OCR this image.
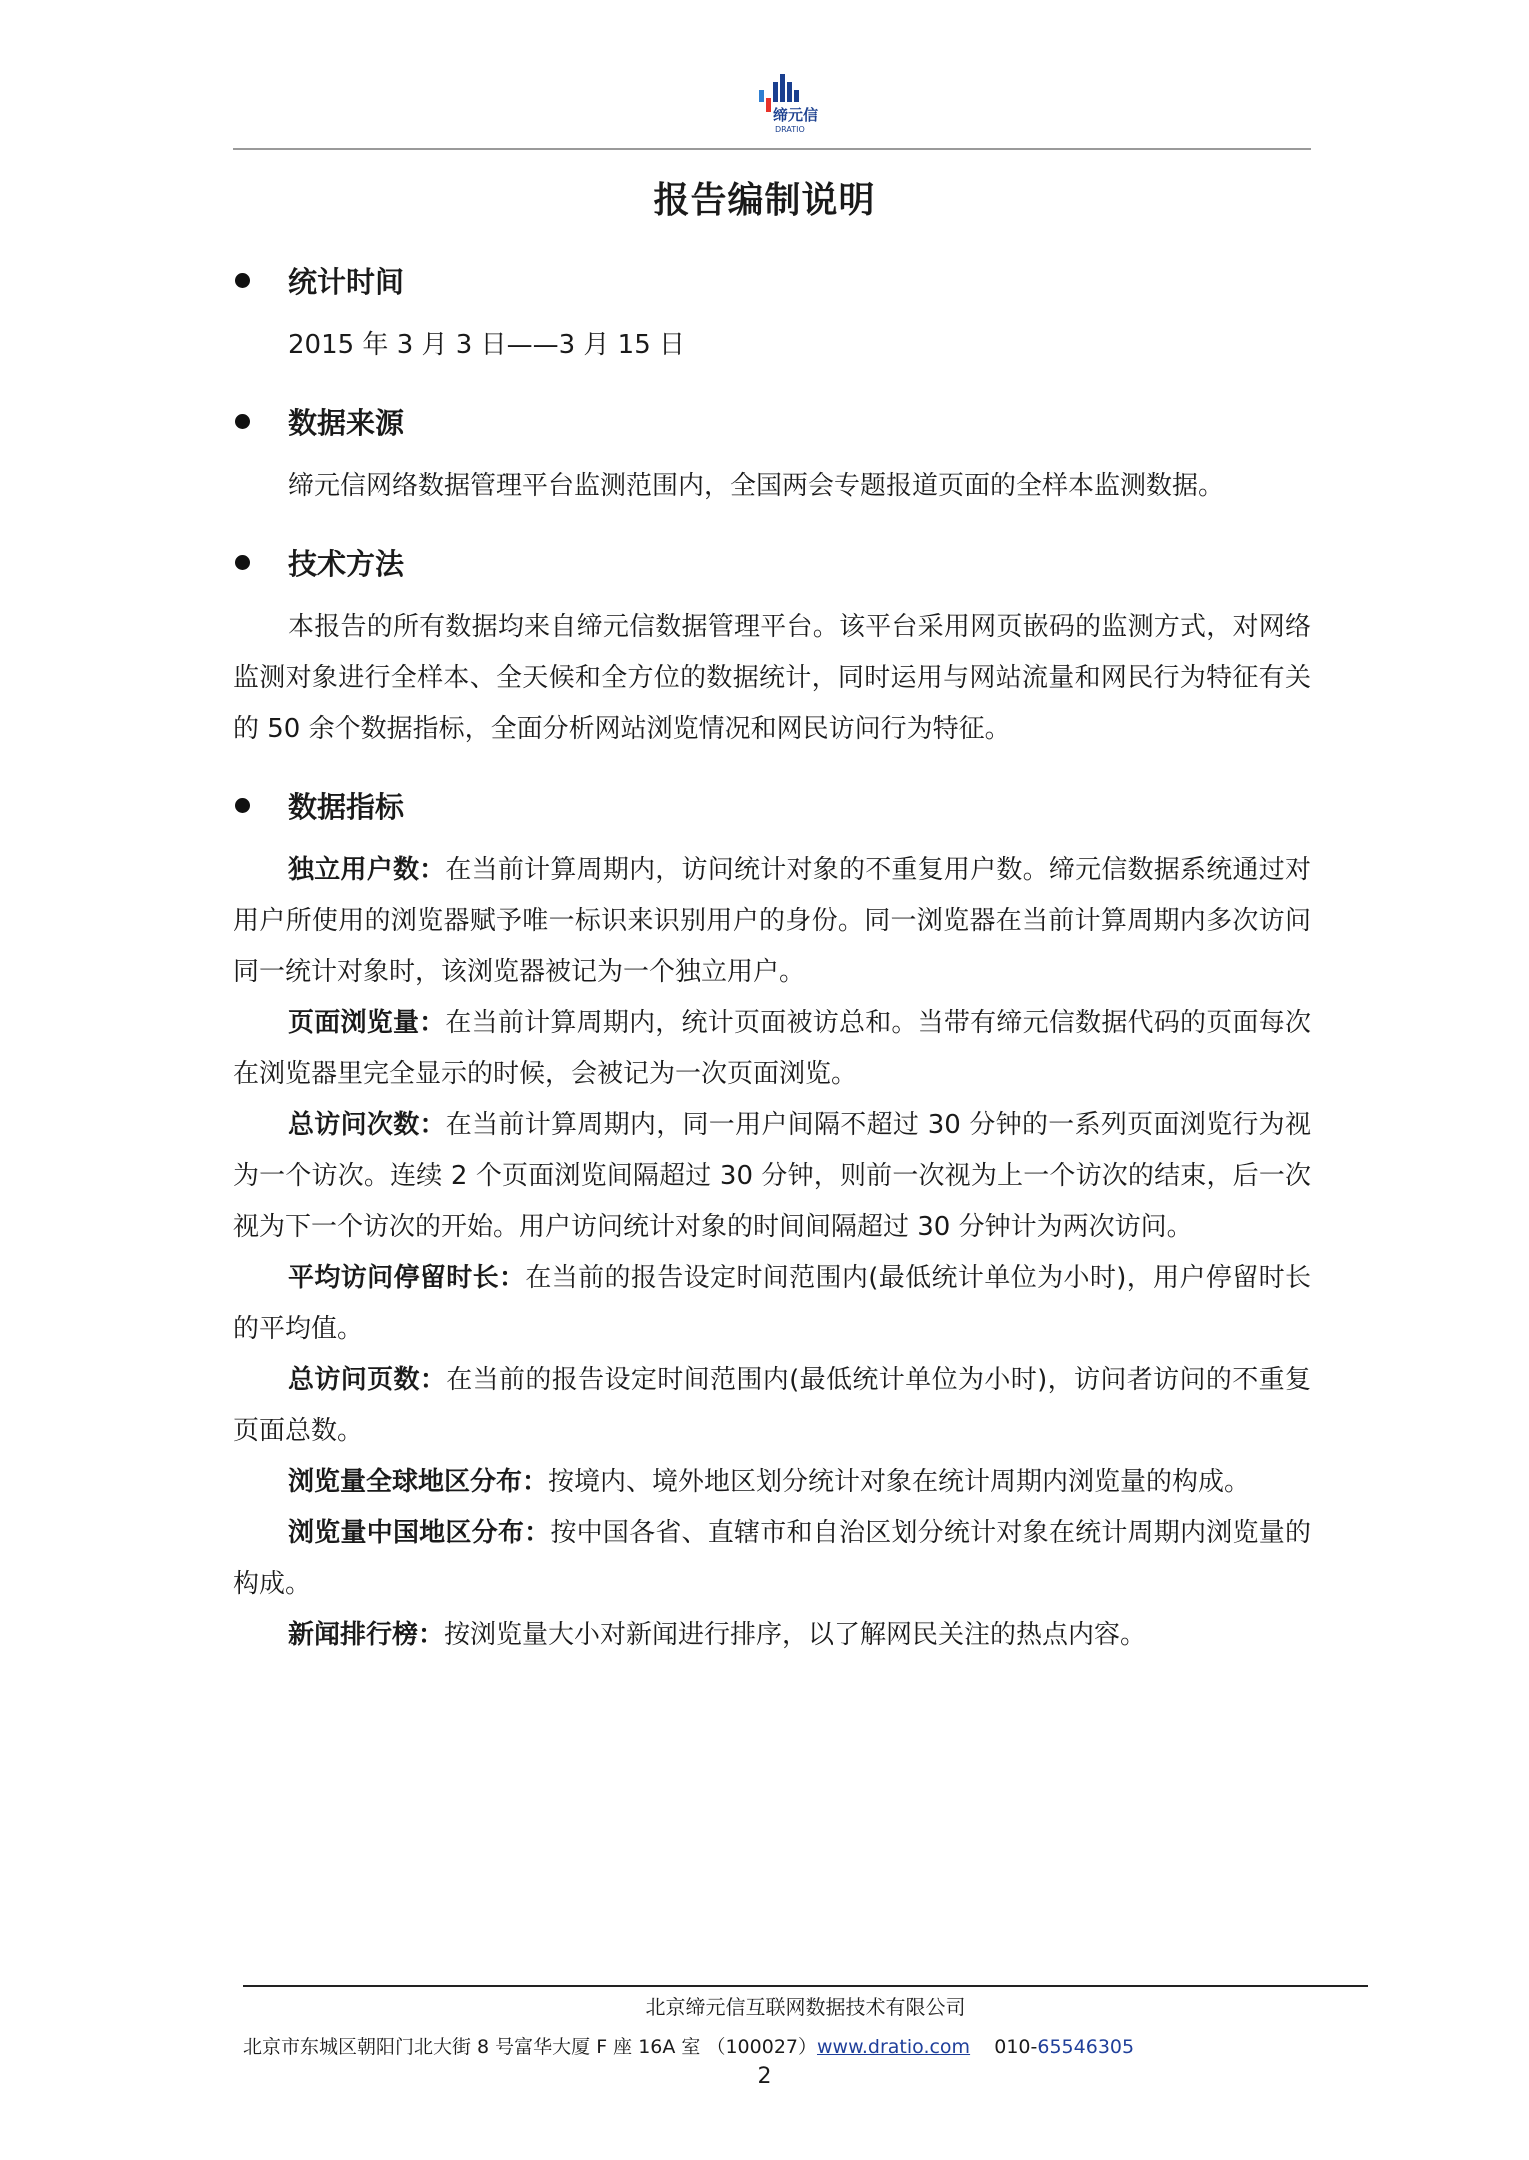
缔元信
DRATIO
报告编制说明
统计时间

2015 年 3 月 3 日——3 月 15 日

数据来源

缔元信网络数据管理平台监测范围内，全国两会专题报道页面的全样本监测数据。

技术方法

本报告的所有数据均来自缔元信数据管理平台。该平台采用网页嵌码的监测方式，对网络监测对象进行全样本、全天候和全方位的数据统计，同时运用与网站流量和网民行为特征有关的 50 余个数据指标，全面分析网站浏览情况和网民访问行为特征。

数据指标

独立用户数：在当前计算周期内，访问统计对象的不重复用户数。缔元信数据系统通过对用户所使用的浏览器赋予唯一标识来识别用户的身份。同一浏览器在当前计算周期内多次访问同一统计对象时，该浏览器被记为一个独立用户。

页面浏览量：在当前计算周期内，统计页面被访总和。当带有缔元信数据代码的页面每次在浏览器里完全显示的时候，会被记为一次页面浏览。

总访问次数：在当前计算周期内，同一用户间隔不超过 30 分钟的一系列页面浏览行为视为一个访次。连续 2 个页面浏览间隔超过 30 分钟，则前一次视为上一个访次的结束，后一次视为下一个访次的开始。用户访问统计对象的时间间隔超过 30 分钟计为两次访问。

平均访问停留时长：在当前的报告设定时间范围内(最低统计单位为小时)，用户停留时长的平均值。

总访问页数：在当前的报告设定时间范围内(最低统计单位为小时)，访问者访问的不重复页面总数。

浏览量全球地区分布：按境内、境外地区划分统计对象在统计周期内浏览量的构成。

浏览量中国地区分布：按中国各省、直辖市和自治区划分统计对象在统计周期内浏览量的构成。

新闻排行榜：按浏览量大小对新闻进行排序，以了解网民关注的热点内容。

北京缔元信互联网数据技术有限公司
北京市东城区朝阳门北大街 8 号富华大厦 F 座 16A 室 （100027）www.dratio.com 010-65546305
2
